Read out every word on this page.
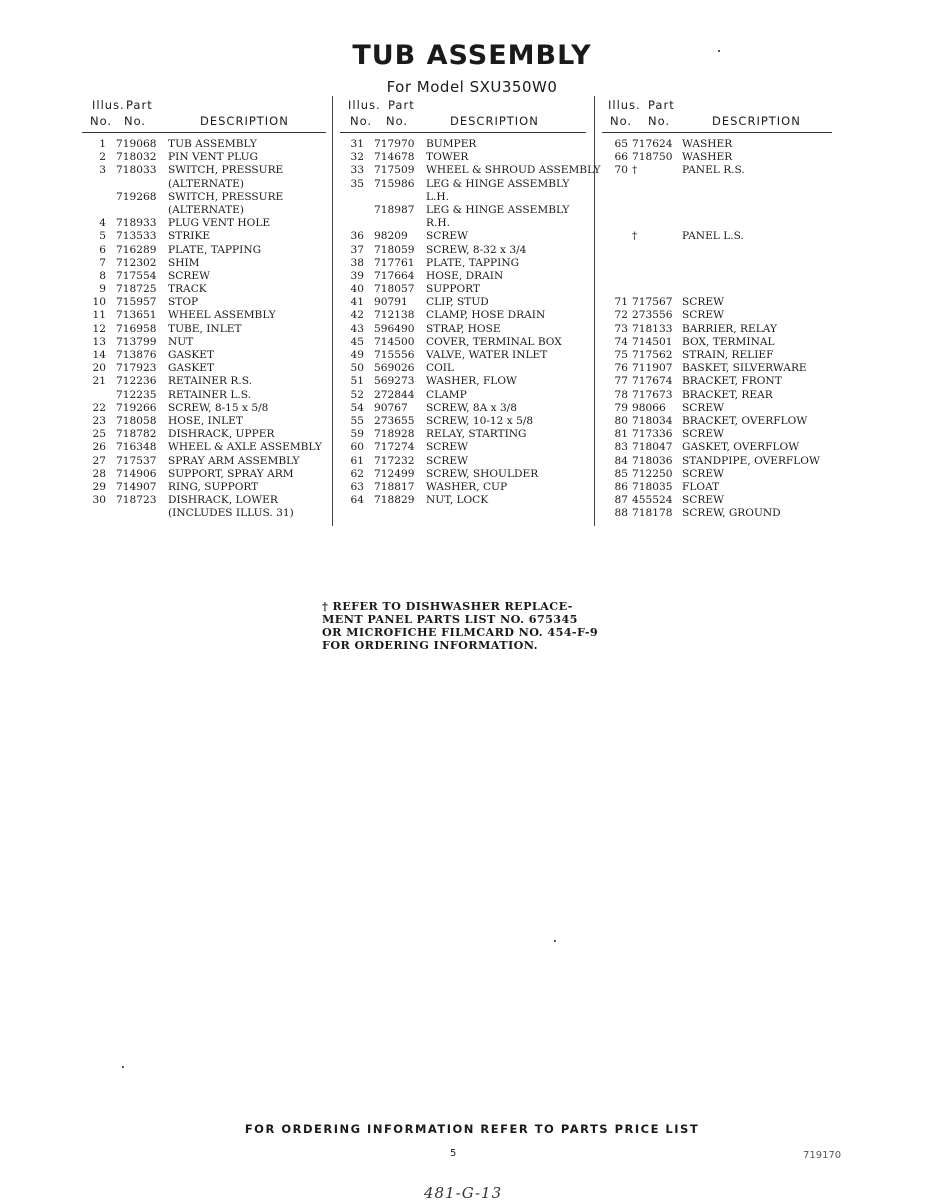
TUB ASSEMBLY
For Model SXU350W0
Illus.
No.
Part
No.	DESCRIPTION
1 719068 TUB ASSEMBLY
2 718032 PIN VENT PLUG
3 718033 SWITCH, PRESSURE
(ALTERNATE)
719268 SWITCH, PRESSURE
(ALTERNATE)
4 718933 PLUG VENT HOLE
5 713533 STRIKE
6 716289 PLATE, TAPPING
7 712302 SHIM
8 717554 SCREW
9 718725 TRACK
10 715957 STOP
11 713651 WHEEL ASSEMBLY
12 716958 TUBE, INLET
13 713799 NUT
14 713876 GASKET
20 717923 GASKET
21 712236 RETAINER R.S.
712235 RETAINER L.S.
22 719266 SCREW, 8-15 x 5/8
23 718058 HOSE, INLET
25 718782 DISHRACK, UPPER
26 716348 WHEEL & AXLE ASSEMBLY
27 717537 SPRAY ARM ASSEMBLY
28 714906 SUPPORT, SPRAY ARM
29 714907 RING, SUPPORT
30 718723 DISHRACK, LOWER
(INCLUDES ILLUS. 31)
Illus.
No.
Part
No.	DESCRIPTION
31 717970 BUMPER
32 714678 TOWER
33 717509 WHEEL & SHROUD ASSEMBLY
35 715986 LEG & HINGE ASSEMBLY
L.H.
718987 LEG & HINGE ASSEMBLY
R.H.
36 98209 SCREW
37 718059 SCREW, 8-32 x 3/4
38 717761 PLATE, TAPPING
39 717664 HOSE, DRAIN
40 718057 SUPPORT
41 90791 CLIP, STUD
42 712138 CLAMP, HOSE DRAIN
43 596490 STRAP, HOSE
45 714500 COVER, TERMINAL BOX
49 715556 VALVE, WATER INLET
50 569026 COIL
51 569273 WASHER, FLOW
52 272844 CLAMP
54 90767 SCREW, 8A x 3/8
55 273655 SCREW, 10-12 x 5/8
59 718928 RELAY, STARTING
60 717274 SCREW
61 717232 SCREW
62 712499 SCREW, SHOULDER
63 718817 WASHER, CUP
64 718829 NUT, LOCK
Illus.
No.
Part
No.	DESCRIPTION
65 717624 WASHER
66 718750 WASHER
70 †	PANEL R.S.
†	PANEL L.S.
71 717567 SCREW
72 273556 SCREW
73 718133 BARRIER, RELAY
74 714501 BOX, TERMINAL
75 717562 STRAIN, RELIEF
76 711907 BASKET, SILVERWARE
77 717674 BRACKET, FRONT
78 717673 BRACKET, REAR
79 98066 SCREW
80 718034 BRACKET, OVERFLOW
81 717336 SCREW
83 718047 GASKET, OVERFLOW
84 718036 STANDPIPE, OVERFLOW
85 712250 SCREW
86 718035 FLOAT
87 455524 SCREW
88 718178 SCREW, GROUND
† REFER TO DISHWASHER REPLACE-
MENT PANEL PARTS LIST NO. 675345
OR MICROFICHE FILMCARD NO. 454-F-9
FOR ORDERING INFORMATION.
FOR ORDERING INFORMATION REFER TO PARTS PRICE LIST
5	719170
481-G-13
